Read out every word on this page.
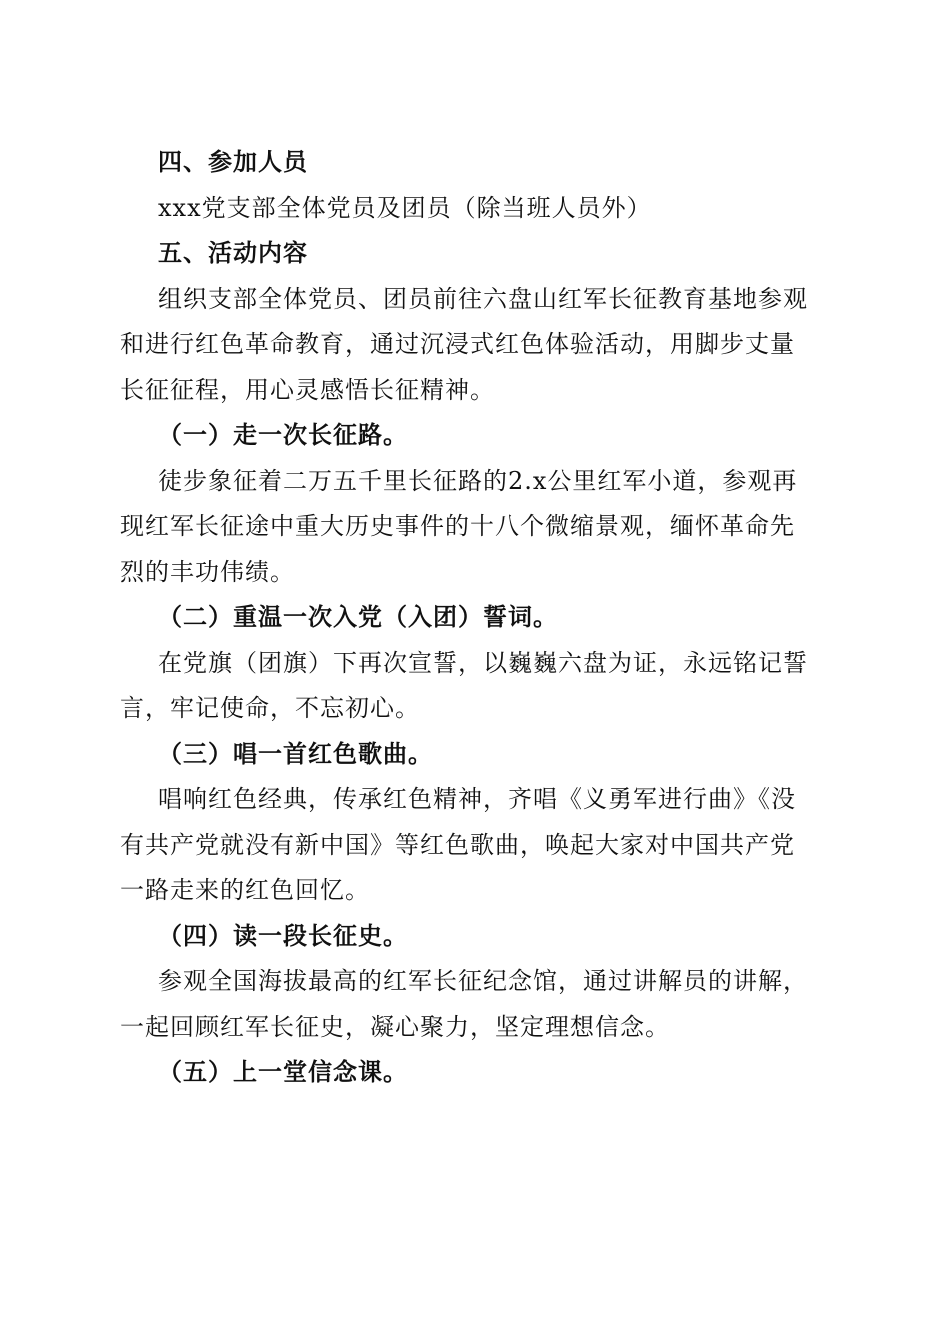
四、参加人员
xxx党支部全体党员及团员（除当班人员外）
五、活动内容
组织支部全体党员、团员前往六盘山红军长征教育基地参观
和进行红色革命教育，通过沉浸式红色体验活动，用脚步丈量
长征征程，用心灵感悟长征精神。
（一）走一次长征路。
徒步象征着二万五千里长征路的2.x公里红军小道，参观再
现红军长征途中重大历史事件的十八个微缩景观，缅怀革命先
烈的丰功伟绩。
（二）重温一次入党（入团）誓词。
在党旗（团旗）下再次宣誓，以巍巍六盘为证，永远铭记誓
言，牢记使命，不忘初心。
（三）唱一首红色歌曲。
唱响红色经典，传承红色精神，齐唱《义勇军进行曲》《没
有共产党就没有新中国》等红色歌曲，唤起大家对中国共产党
一路走来的红色回忆。
（四）读一段长征史。
参观全国海拔最高的红军长征纪念馆，通过讲解员的讲解，
一起回顾红军长征史，凝心聚力，坚定理想信念。
（五）上一堂信念课。
